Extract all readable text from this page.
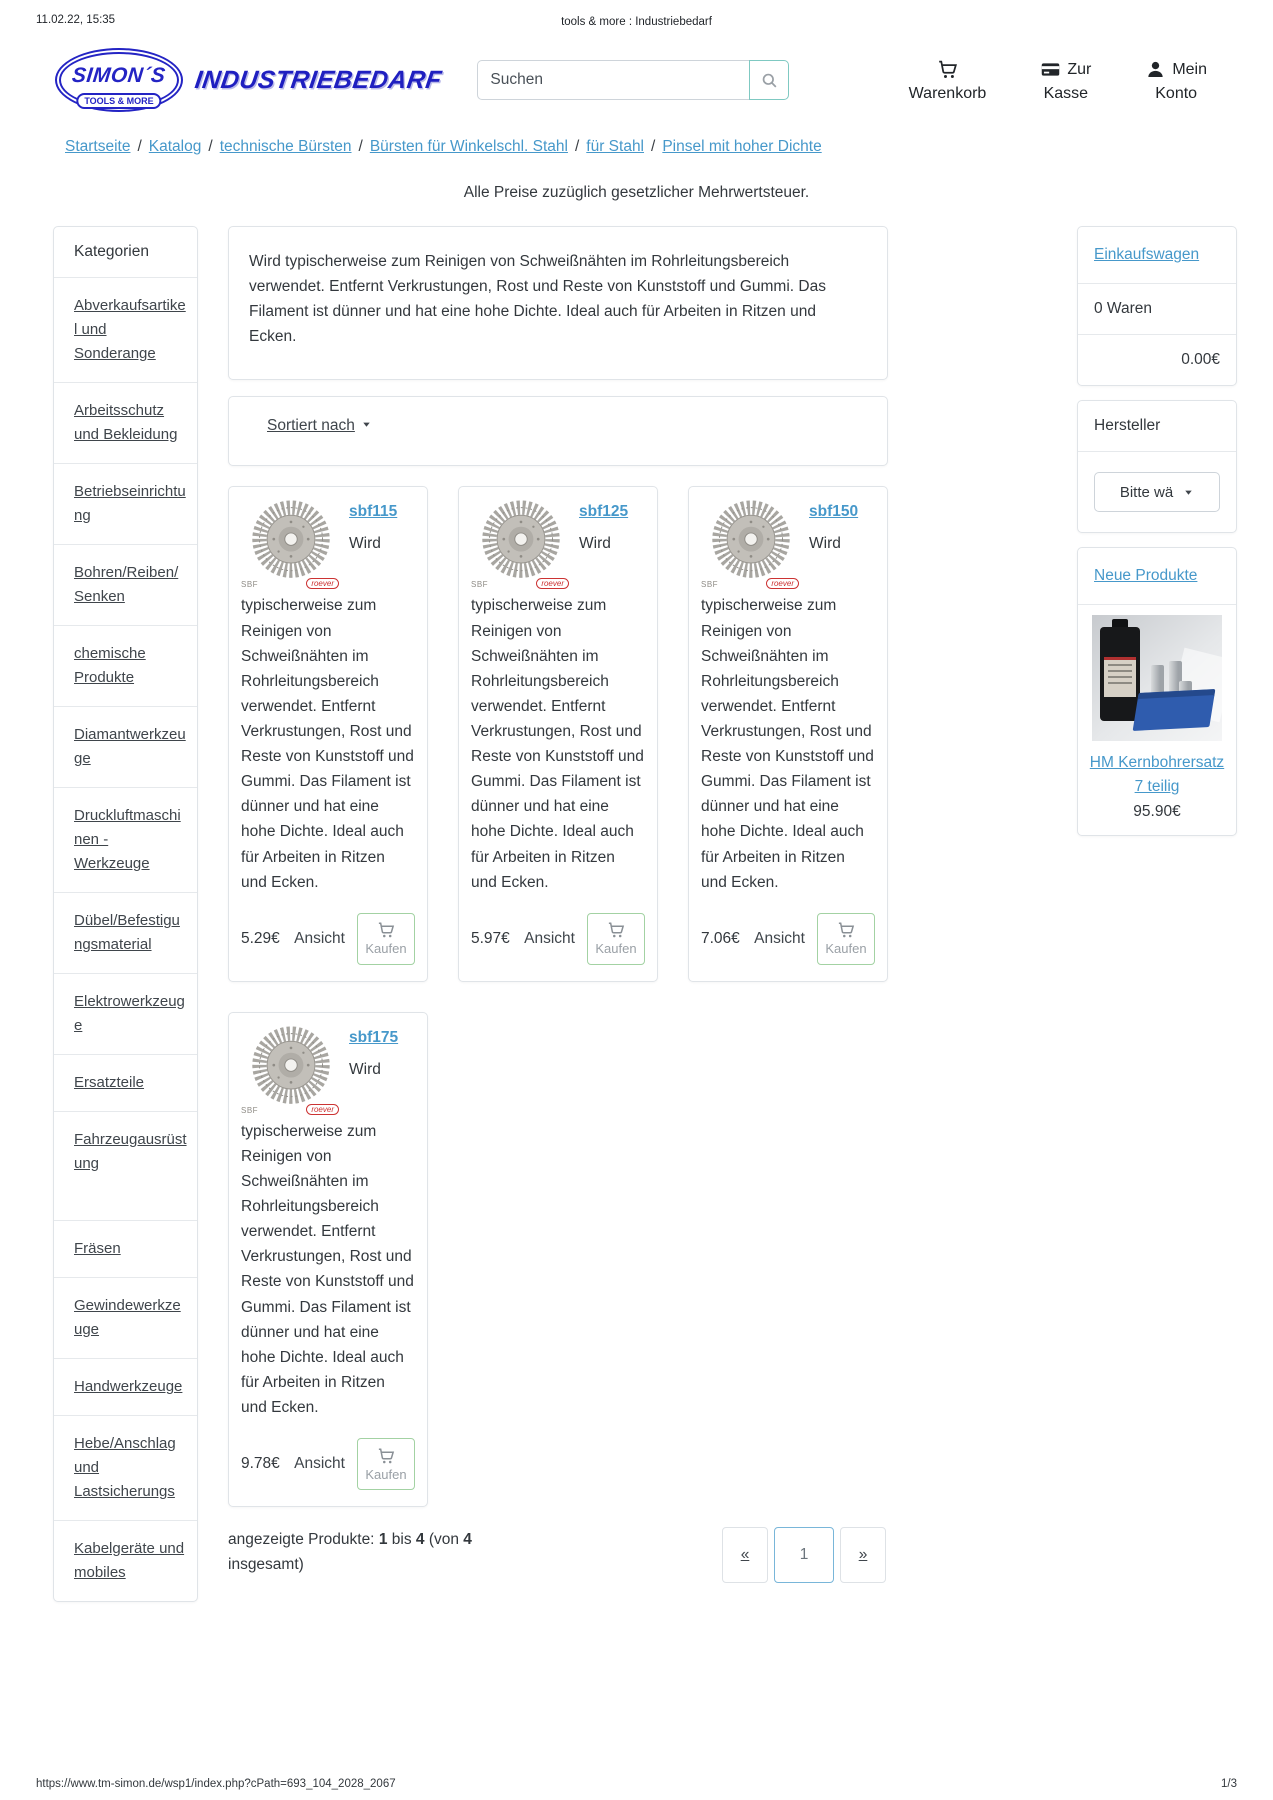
11.02.22, 15:35	tools & more : Industriebedarf
SIMON´S
TOOLS & MORE
INDUSTRIEBEDARF
Suchen	Warenkorb
Zur
Kasse
Mein
Konto
Startseite / Katalog / technische Bürsten / Bürsten für Winkelschl. Stahl / für Stahl / Pinsel mit hoher Dichte
Alle Preise zuzüglich gesetzlicher Mehrwertsteuer.
Kategorien
Abverkaufsartikel und Sonderange
Arbeitsschutz und Bekleidung
Betriebseinrichtung
Bohren/Reiben/Senken
chemische Produkte
Diamantwerkzeuge
Druckluftmaschinen - Werkzeuge
Dübel/Befestigungsmaterial
Elektrowerkzeuge
Ersatzteile
Fahrzeugausrüstung
Fräsen
Gewindewerkzeuge
Handwerkzeuge
Hebe/Anschlag und Lastsicherungs
Kabelgeräte und mobiles
Wird typischerweise zum Reinigen von Schweißnähten im Rohrleitungsbereich verwendet. Entfernt Verkrustungen, Rost und Reste von Kunststoff und Gummi. Das Filament ist dünner und hat eine hohe Dichte. Ideal auch für Arbeiten in Ritzen und Ecken.
Sortiert nach
SBF	roever
sbf115
Wird typischerweise zum Reinigen von Schweißnähten im Rohrleitungsbereich verwendet. Entfernt Verkrustungen, Rost und Reste von Kunststoff und Gummi. Das Filament ist dünner und hat eine hohe Dichte. Ideal auch für Arbeiten in Ritzen und Ecken.
5.29€ Ansicht
Kaufen
SBF	roever
sbf125
Wird typischerweise zum Reinigen von Schweißnähten im Rohrleitungsbereich verwendet. Entfernt Verkrustungen, Rost und Reste von Kunststoff und Gummi. Das Filament ist dünner und hat eine hohe Dichte. Ideal auch für Arbeiten in Ritzen und Ecken.
5.97€ Ansicht
Kaufen
SBF	roever
sbf150
Wird typischerweise zum Reinigen von Schweißnähten im Rohrleitungsbereich verwendet. Entfernt Verkrustungen, Rost und Reste von Kunststoff und Gummi. Das Filament ist dünner und hat eine hohe Dichte. Ideal auch für Arbeiten in Ritzen und Ecken.
7.06€ Ansicht
Kaufen
SBF	roever
sbf175
Wird typischerweise zum Reinigen von Schweißnähten im Rohrleitungsbereich verwendet. Entfernt Verkrustungen, Rost und Reste von Kunststoff und Gummi. Das Filament ist dünner und hat eine hohe Dichte. Ideal auch für Arbeiten in Ritzen und Ecken.
9.78€ Ansicht
Kaufen
angezeigte Produkte: 1 bis 4 (von 4 insgesamt)
«	1	»
Einkaufswagen
0 Waren
0.00€
Hersteller
Bitte wä
Neue Produkte
HM Kernbohrersatz 7 teilig
95.90€
https://www.tm-simon.de/wsp1/index.php?cPath=693_104_2028_2067	1/3
